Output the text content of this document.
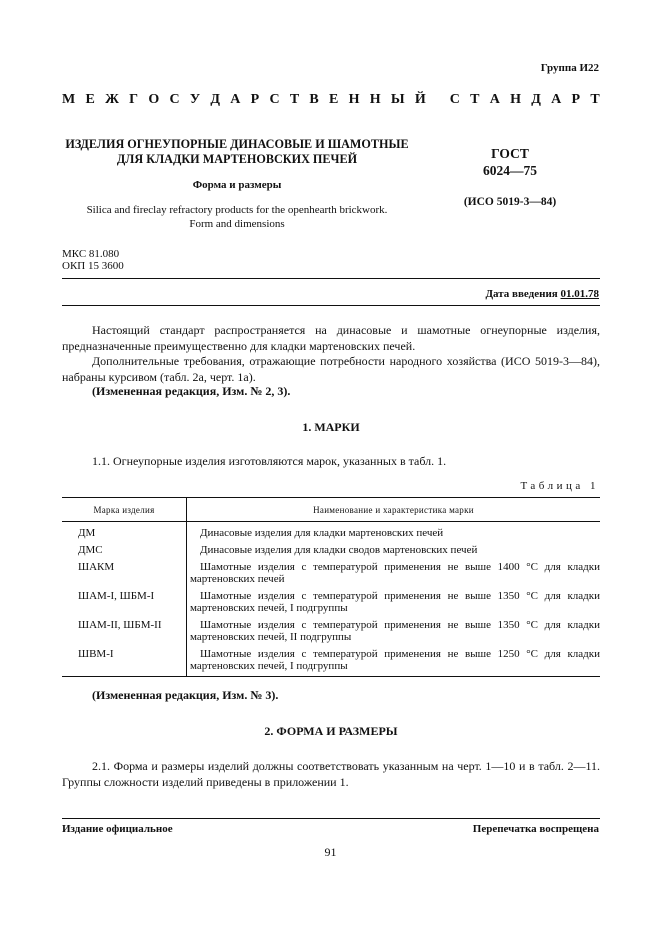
Группа И22
М Е Ж Г О С У Д А Р С Т В Е Н Н Ы Й
С Т А Н Д А Р Т
ИЗДЕЛИЯ ОГНЕУПОРНЫЕ ДИНАСОВЫЕ И ШАМОТНЫЕ
ДЛЯ КЛАДКИ МАРТЕНОВСКИХ ПЕЧЕЙ
Форма и размеры
Silica and fireclay refractory products for the openhearth brickwork.
Form and dimensions
ГОСТ
6024—75
(ИСО 5019-3—84)
МКС 81.080
ОКП 15 3600
Дата введения 01.01.78
Настоящий стандарт распространяется на динасовые и шамотные огнеупорные изделия, предназначенные преимущественно для кладки мартеновских печей.
Дополнительные требования, отражающие потребности народного хозяйства (ИСО 5019-3—84), набраны курсивом (табл. 2а, черт. 1а).
(Измененная редакция, Изм. № 2, 3).
1. МАРКИ
1.1. Огнеупорные изделия изготовляются марок, указанных в табл. 1.
Таблица 1
Марка изделия	Наименование и характеристика марки
ДМ	Динасовые изделия для кладки мартеновских печей
ДМС	Динасовые изделия для кладки сводов мартеновских печей
ШАКМ	Шамотные изделия с температурой применения не выше 1400 °С для кладки мартеновских печей
ШАМ-I, ШБМ-I	Шамотные изделия с температурой применения не выше 1350 °С для кладки мартеновских печей, I подгруппы
ШАМ-II, ШБМ-II	Шамотные изделия с температурой применения не выше 1350 °С для кладки мартеновских печей, II подгруппы
ШВМ-I	Шамотные изделия с температурой применения не выше 1250 °С для кладки мартеновских печей, I подгруппы
(Измененная редакция, Изм. № 3).
2. ФОРМА И РАЗМЕРЫ
2.1. Форма и размеры изделий должны соответствовать указанным на черт. 1—10 и в табл. 2—11. Группы сложности изделий приведены в приложении 1.
Издание официальное	Перепечатка воспрещена
91
